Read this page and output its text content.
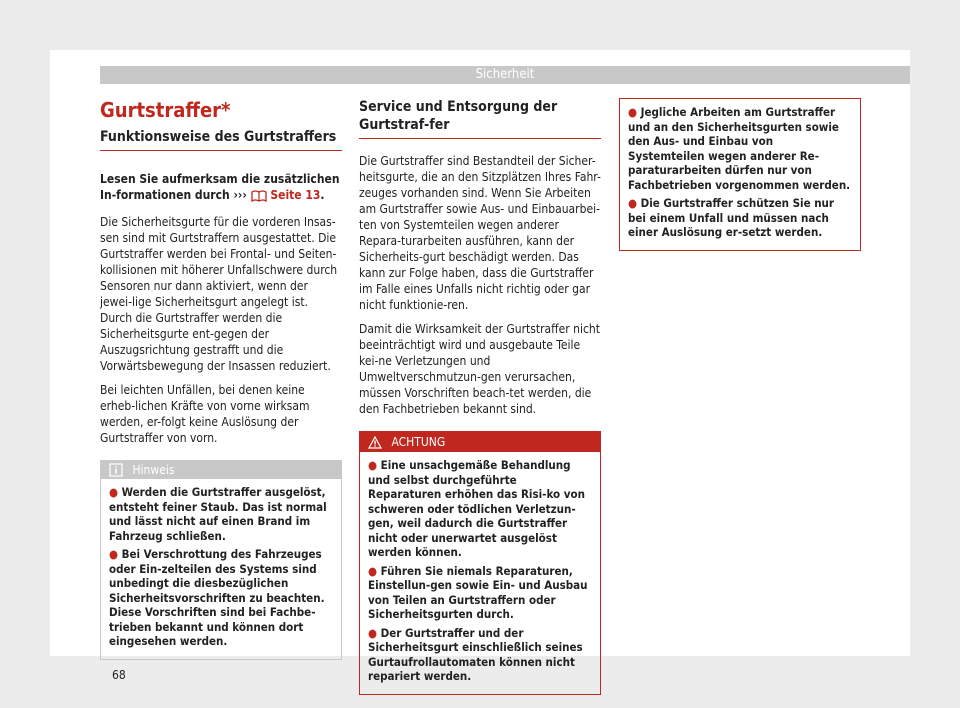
Sicherheit
Gurtstraffer*
Funktionsweise des Gurtstraffers

Lesen Sie aufmerksam die zusätzlichen In-formationen durch ›››  Seite 13.

Die Sicherheitsgurte für die vorderen Insas-sen sind mit Gurtstraffern ausgestattet. Die Gurtstraffer werden bei Frontal- und Seiten-kollisionen mit höherer Unfallschwere durch Sensoren nur dann aktiviert, wenn der jewei-lige Sicherheitsgurt angelegt ist. Durch die Gurtstraffer werden die Sicherheitsgurte ent-gegen der Auszugsrichtung gestrafft und die Vorwärtsbewegung der Insassen reduziert.

Bei leichten Unfällen, bei denen keine erheb-lichen Kräfte von vorne wirksam werden, er-folgt keine Auslösung der Gurtstraffer von vorn.

Hinweis

● Werden die Gurtstraffer ausgelöst, entsteht feiner Staub. Das ist normal und lässt nicht auf einen Brand im Fahrzeug schließen.

● Bei Verschrottung des Fahrzeuges oder Ein-zelteilen des Systems sind unbedingt die diesbezüglichen Sicherheitsvorschriften zu beachten. Diese Vorschriften sind bei Fachbe-trieben bekannt und können dort eingesehen werden.

Service und Entsorgung der Gurtstraf-fer

Die Gurtstraffer sind Bestandteil der Sicher-heitsgurte, die an den Sitzplätzen Ihres Fahr-zeuges vorhanden sind. Wenn Sie Arbeiten am Gurtstraffer sowie Aus- und Einbauarbei-ten von Systemteilen wegen anderer Repara-turarbeiten ausführen, kann der Sicherheits-gurt beschädigt werden. Das kann zur Folge haben, dass die Gurtstraffer im Falle eines Unfalls nicht richtig oder gar nicht funktionie-ren.

Damit die Wirksamkeit der Gurtstraffer nicht beeinträchtigt wird und ausgebaute Teile kei-ne Verletzungen und Umweltverschmutzun-gen verursachen, müssen Vorschriften beach-tet werden, die den Fachbetrieben bekannt sind.

ACHTUNG

● Eine unsachgemäße Behandlung und selbst durchgeführte Reparaturen erhöhen das Risi-ko von schweren oder tödlichen Verletzun-gen, weil dadurch die Gurtstraffer nicht oder unerwartet ausgelöst werden können.

● Führen Sie niemals Reparaturen, Einstellun-gen sowie Ein- und Ausbau von Teilen an Gurtstraffern oder Sicherheitsgurten durch.

● Der Gurtstraffer und der Sicherheitsgurt einschließlich seines Gurtaufrollautomaten können nicht repariert werden.

● Jegliche Arbeiten am Gurtstraffer und an den Sicherheitsgurten sowie den Aus- und Einbau von Systemteilen wegen anderer Re-paraturarbeiten dürfen nur von Fachbetrieben vorgenommen werden.

● Die Gurtstraffer schützen Sie nur bei einem Unfall und müssen nach einer Auslösung er-setzt werden.

68
